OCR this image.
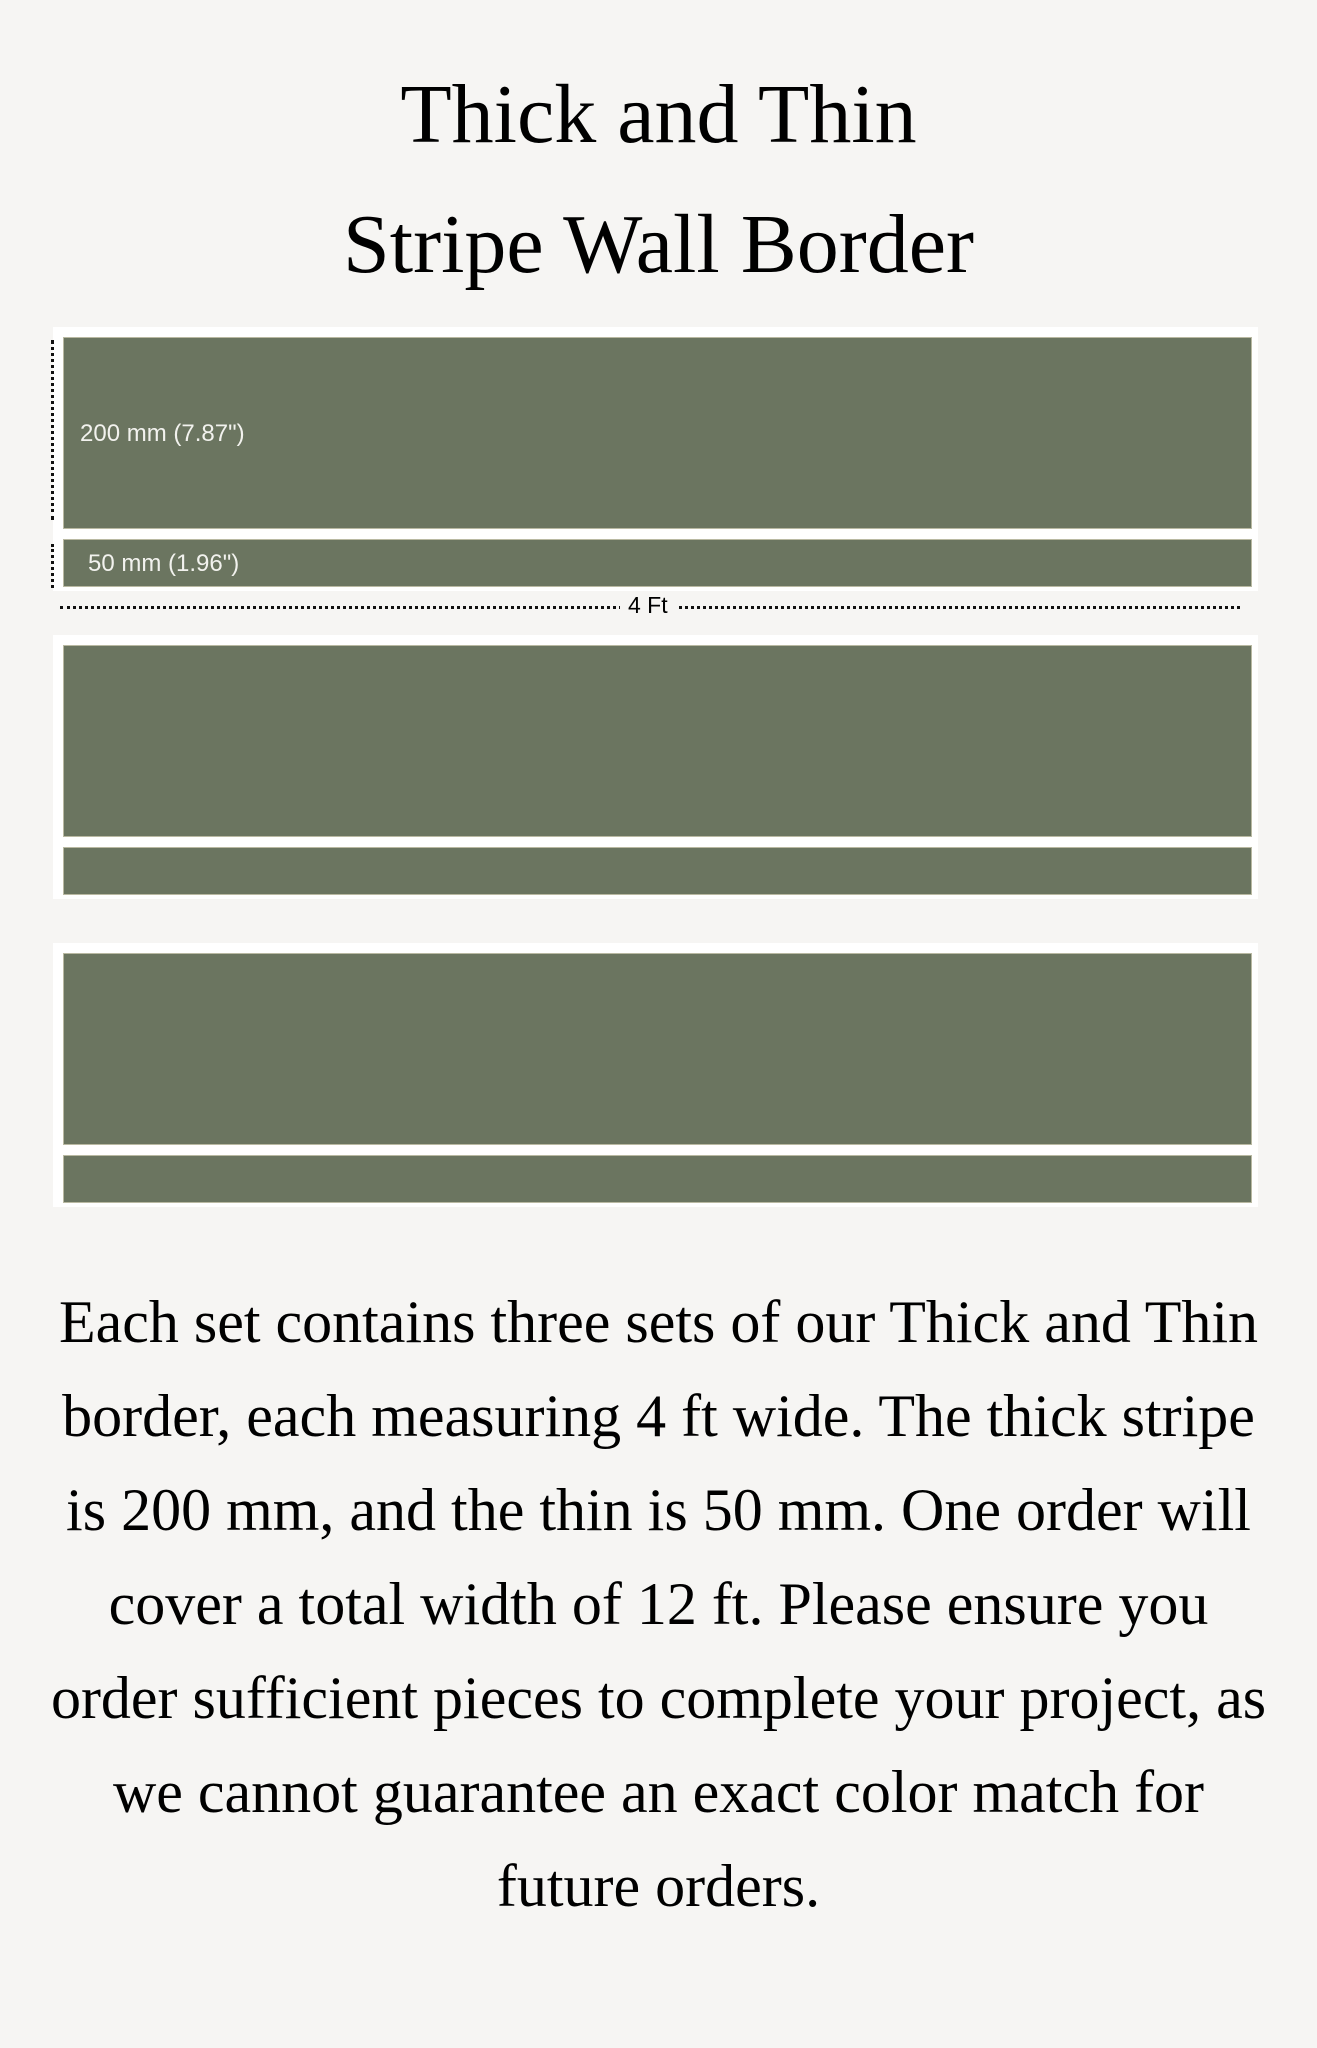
Thick and Thin
Stripe Wall Border
200 mm (7.87")
50 mm (1.96")
4 Ft
Each set contains three sets of our Thick and Thin border, each measuring 4 ft wide. The thick stripe is 200 mm, and the thin is 50 mm. One order will cover a total width of 12 ft. Please ensure you order sufficient pieces to complete your project, as we cannot guarantee an exact color match for future orders.
